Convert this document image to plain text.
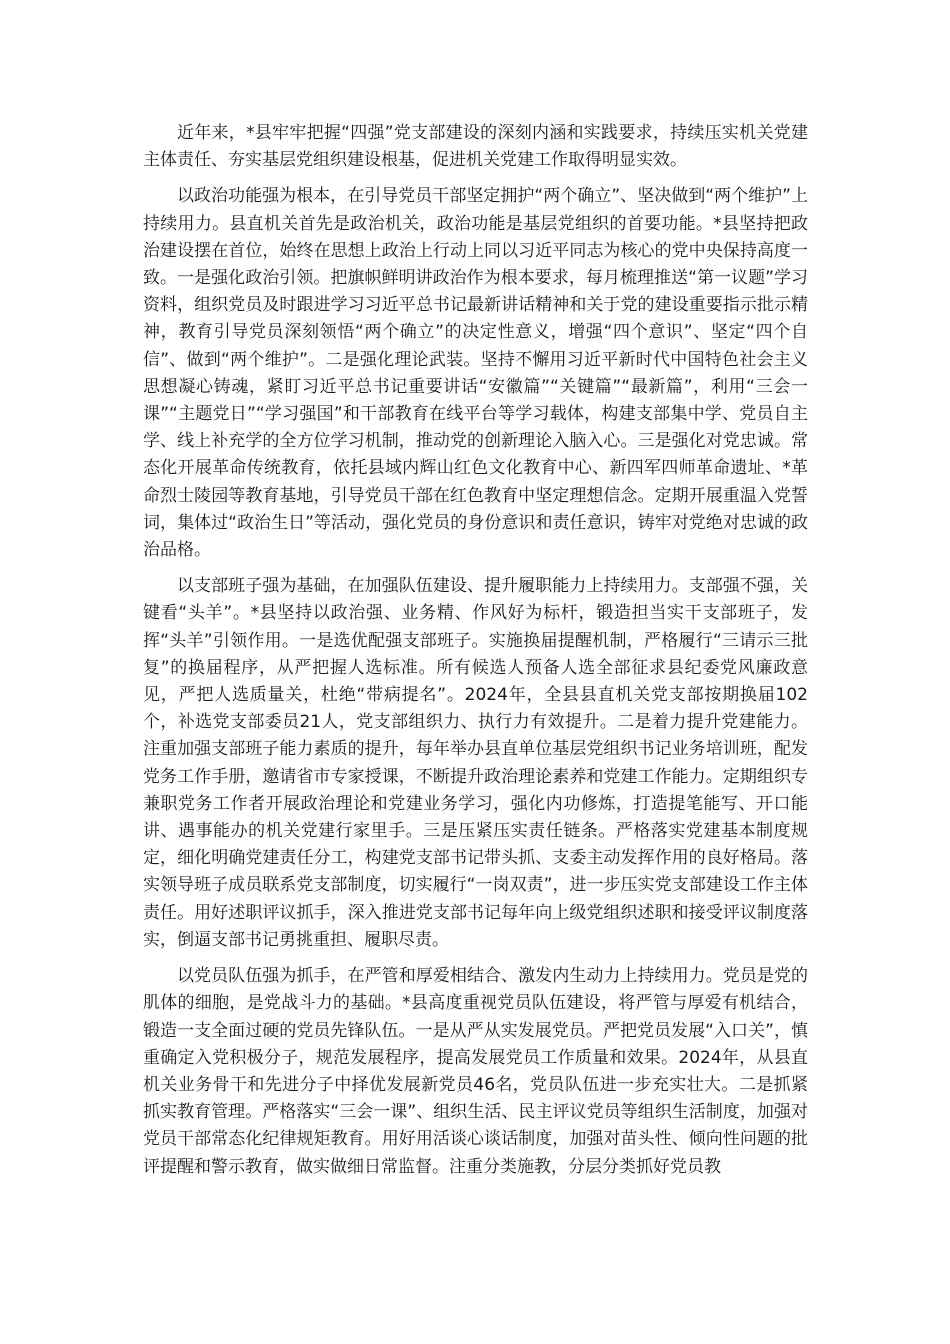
近年来，*县牢牢把握“四强”党支部建设的深刻内涵和实践要求，持续压实机关党建主体责任、夯实基层党组织建设根基，促进机关党建工作取得明显实效。

以政治功能强为根本，在引导党员干部坚定拥护“两个确立”、坚决做到“两个维护”上持续用力。县直机关首先是政治机关，政治功能是基层党组织的首要功能。*县坚持把政治建设摆在首位，始终在思想上政治上行动上同以习近平同志为核心的党中央保持高度一致。一是强化政治引领。把旗帜鲜明讲政治作为根本要求，每月梳理推送“第一议题”学习资料，组织党员及时跟进学习习近平总书记最新讲话精神和关于党的建设重要指示批示精神，教育引导党员深刻领悟“两个确立”的决定性意义，增强“四个意识”、坚定“四个自信”、做到“两个维护”。二是强化理论武装。坚持不懈用习近平新时代中国特色社会主义思想凝心铸魂，紧盯习近平总书记重要讲话“安徽篇”“关键篇”“最新篇”，利用“三会一课”“主题党日”“学习强国”和干部教育在线平台等学习载体，构建支部集中学、党员自主学、线上补充学的全方位学习机制，推动党的创新理论入脑入心。三是强化对党忠诚。常态化开展革命传统教育，依托县域内辉山红色文化教育中心、新四军四师革命遗址、*革命烈士陵园等教育基地，引导党员干部在红色教育中坚定理想信念。定期开展重温入党誓词，集体过“政治生日”等活动，强化党员的身份意识和责任意识，铸牢对党绝对忠诚的政治品格。

以支部班子强为基础，在加强队伍建设、提升履职能力上持续用力。支部强不强，关键看“头羊”。*县坚持以政治强、业务精、作风好为标杆，锻造担当实干支部班子，发挥“头羊”引领作用。一是选优配强支部班子。实施换届提醒机制，严格履行“三请示三批复”的换届程序，从严把握人选标准。所有候选人预备人选全部征求县纪委党风廉政意见，严把人选质量关，杜绝“带病提名”。2024年，全县县直机关党支部按期换届102个，补选党支部委员21人，党支部组织力、执行力有效提升。二是着力提升党建能力。注重加强支部班子能力素质的提升，每年举办县直单位基层党组织书记业务培训班，配发党务工作手册，邀请省市专家授课，不断提升政治理论素养和党建工作能力。定期组织专兼职党务工作者开展政治理论和党建业务学习，强化内功修炼，打造提笔能写、开口能讲、遇事能办的机关党建行家里手。三是压紧压实责任链条。严格落实党建基本制度规定，细化明确党建责任分工，构建党支部书记带头抓、支委主动发挥作用的良好格局。落实领导班子成员联系党支部制度，切实履行“一岗双责”，进一步压实党支部建设工作主体责任。用好述职评议抓手，深入推进党支部书记每年向上级党组织述职和接受评议制度落实，倒逼支部书记勇挑重担、履职尽责。

以党员队伍强为抓手，在严管和厚爱相结合、激发内生动力上持续用力。党员是党的肌体的细胞，是党战斗力的基础。*县高度重视党员队伍建设，将严管与厚爱有机结合，锻造一支全面过硬的党员先锋队伍。一是从严从实发展党员。严把党员发展“入口关”，慎重确定入党积极分子，规范发展程序，提高发展党员工作质量和效果。2024年，从县直机关业务骨干和先进分子中择优发展新党员46名，党员队伍进一步充实壮大。二是抓紧抓实教育管理。严格落实“三会一课”、组织生活、民主评议党员等组织生活制度，加强对党员干部常态化纪律规矩教育。用好用活谈心谈话制度，加强对苗头性、倾向性问题的批评提醒和警示教育，做实做细日常监督。注重分类施教，分层分类抓好党员教
